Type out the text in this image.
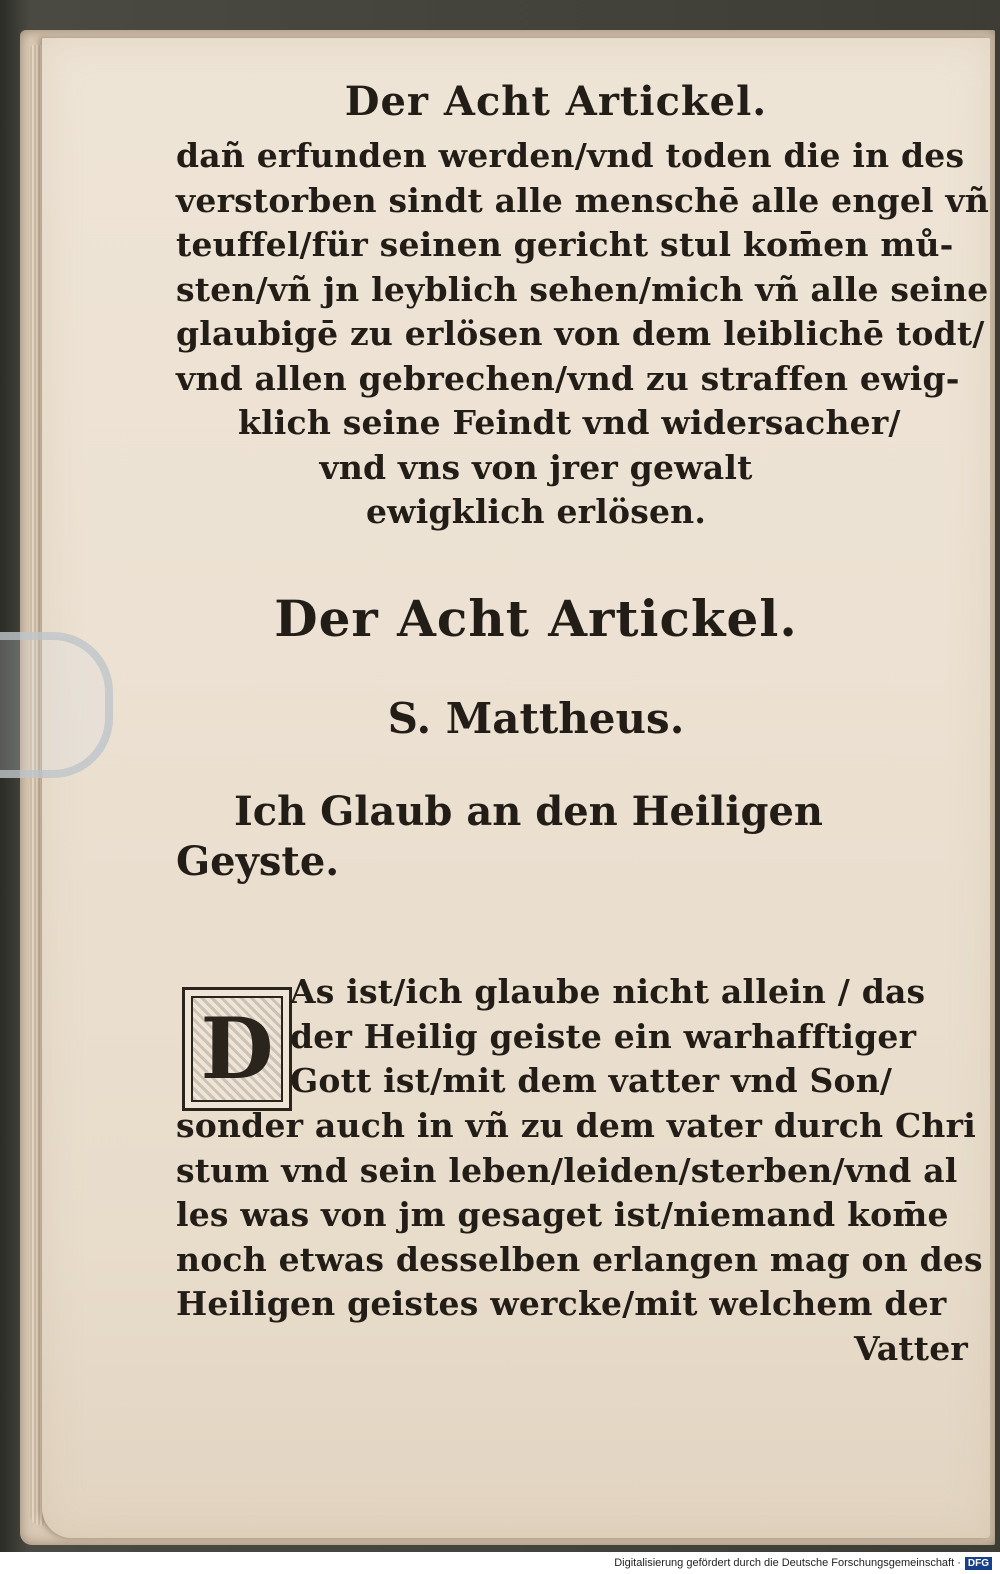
Der Acht Artickel.
dañ erfunden werden/vnd toden die in des
verstorben sindt alle menschē alle engel vñ
teuffel/für seinen gericht stul kom̄en mů-
sten/vñ jn leyblich sehen/mich vñ alle seine
glaubigē zu erlösen von dem leiblichē todt/
vnd allen gebrechen/vnd zu straffen ewig-
klich seine Feindt vnd widersacher/
vnd vns von jrer gewalt
ewigklich erlösen.
Der Acht Artickel.
S. Mattheus.
Ich Glaub an den Heiligen
Geyste.
D
As ist/ich glaube nicht allein / das
der Heilig geiste ein warhafftiger
Gott ist/mit dem vatter vnd Son/
sonder auch in vñ zu dem vater durch Chri
stum vnd sein leben/leiden/sterben/vnd al
les was von jm gesaget ist/niemand kom̄e
noch etwas desselben erlangen mag on des
Heiligen geistes wercke/mit welchem der
Vatter
Digitalisierung gefördert durch die Deutsche Forschungsgemeinschaft · DFG
